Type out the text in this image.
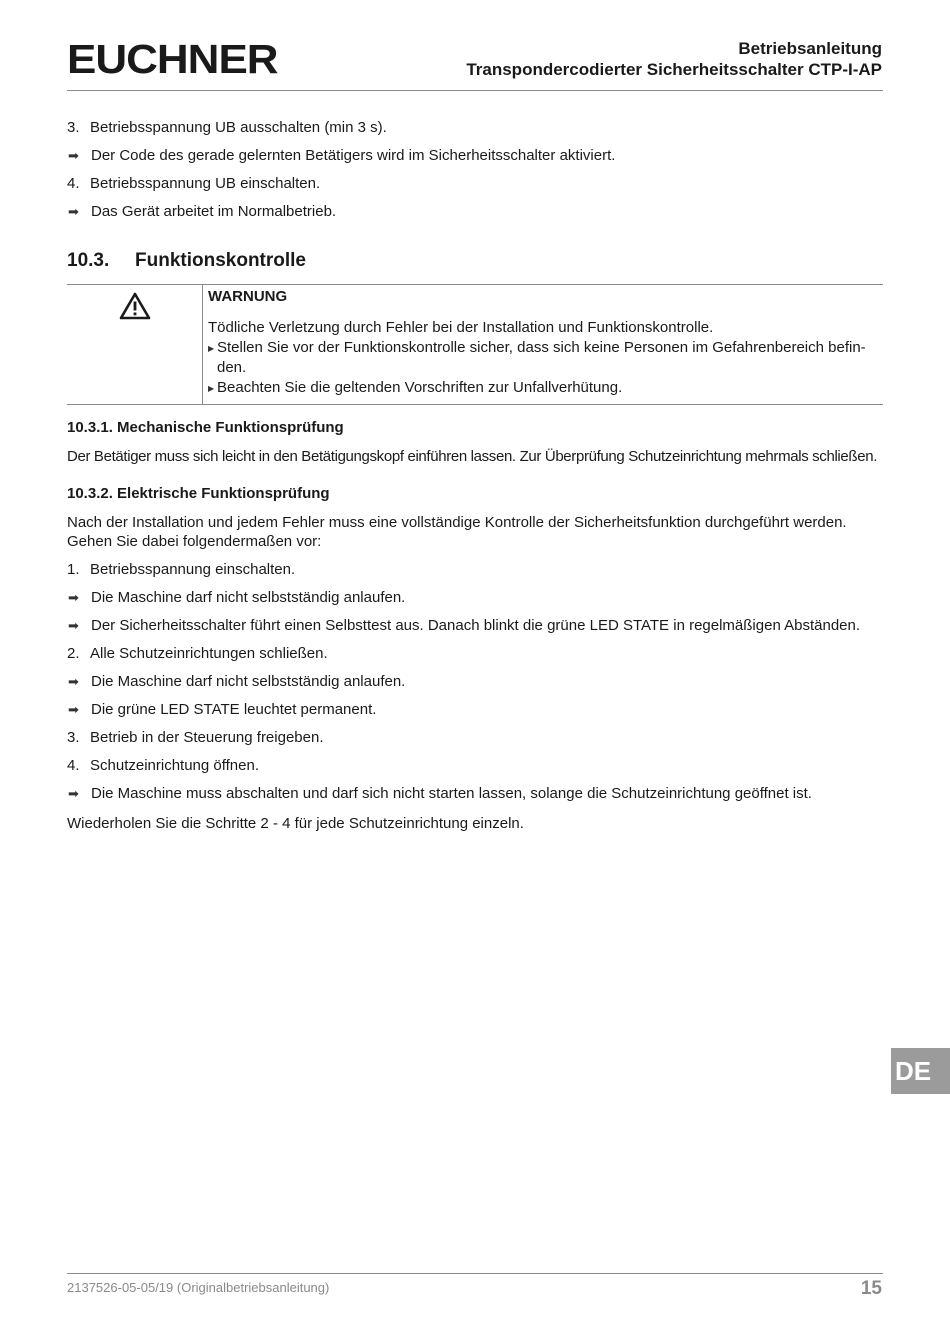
EUCHNER	Betriebsanleitung
Transpondercodierter Sicherheitsschalter CTP-I-AP
3. Betriebsspannung UB ausschalten (min 3 s).
➡ Der Code des gerade gelernten Betätigers wird im Sicherheitsschalter aktiviert.
4. Betriebsspannung UB einschalten.
➡ Das Gerät arbeitet im Normalbetrieb.
10.3. Funktionskontrolle
WARNUNG
Tödliche Verletzung durch Fehler bei der Installation und Funktionskontrolle.
▶ Stellen Sie vor der Funktionskontrolle sicher, dass sich keine Personen im Gefahrenbereich befin-den.
▶ Beachten Sie die geltenden Vorschriften zur Unfallverhütung.
10.3.1. Mechanische Funktionsprüfung
Der Betätiger muss sich leicht in den Betätigungskopf einführen lassen. Zur Überprüfung Schutzeinrichtung mehrmals schließen.
10.3.2. Elektrische Funktionsprüfung
Nach der Installation und jedem Fehler muss eine vollständige Kontrolle der Sicherheitsfunktion durchgeführt werden. Gehen Sie dabei folgendermaßen vor:
1. Betriebsspannung einschalten.
➡ Die Maschine darf nicht selbstständig anlaufen.
➡ Der Sicherheitsschalter führt einen Selbsttest aus. Danach blinkt die grüne LED STATE in regelmäßigen Abständen.
2. Alle Schutzeinrichtungen schließen.
➡ Die Maschine darf nicht selbstständig anlaufen.
➡ Die grüne LED STATE leuchtet permanent.
3. Betrieb in der Steuerung freigeben.
4. Schutzeinrichtung öffnen.
➡ Die Maschine muss abschalten und darf sich nicht starten lassen, solange die Schutzeinrichtung geöffnet ist.
Wiederholen Sie die Schritte 2 - 4 für jede Schutzeinrichtung einzeln.
DE
2137526-05-05/19 (Originalbetriebsanleitung)	15
